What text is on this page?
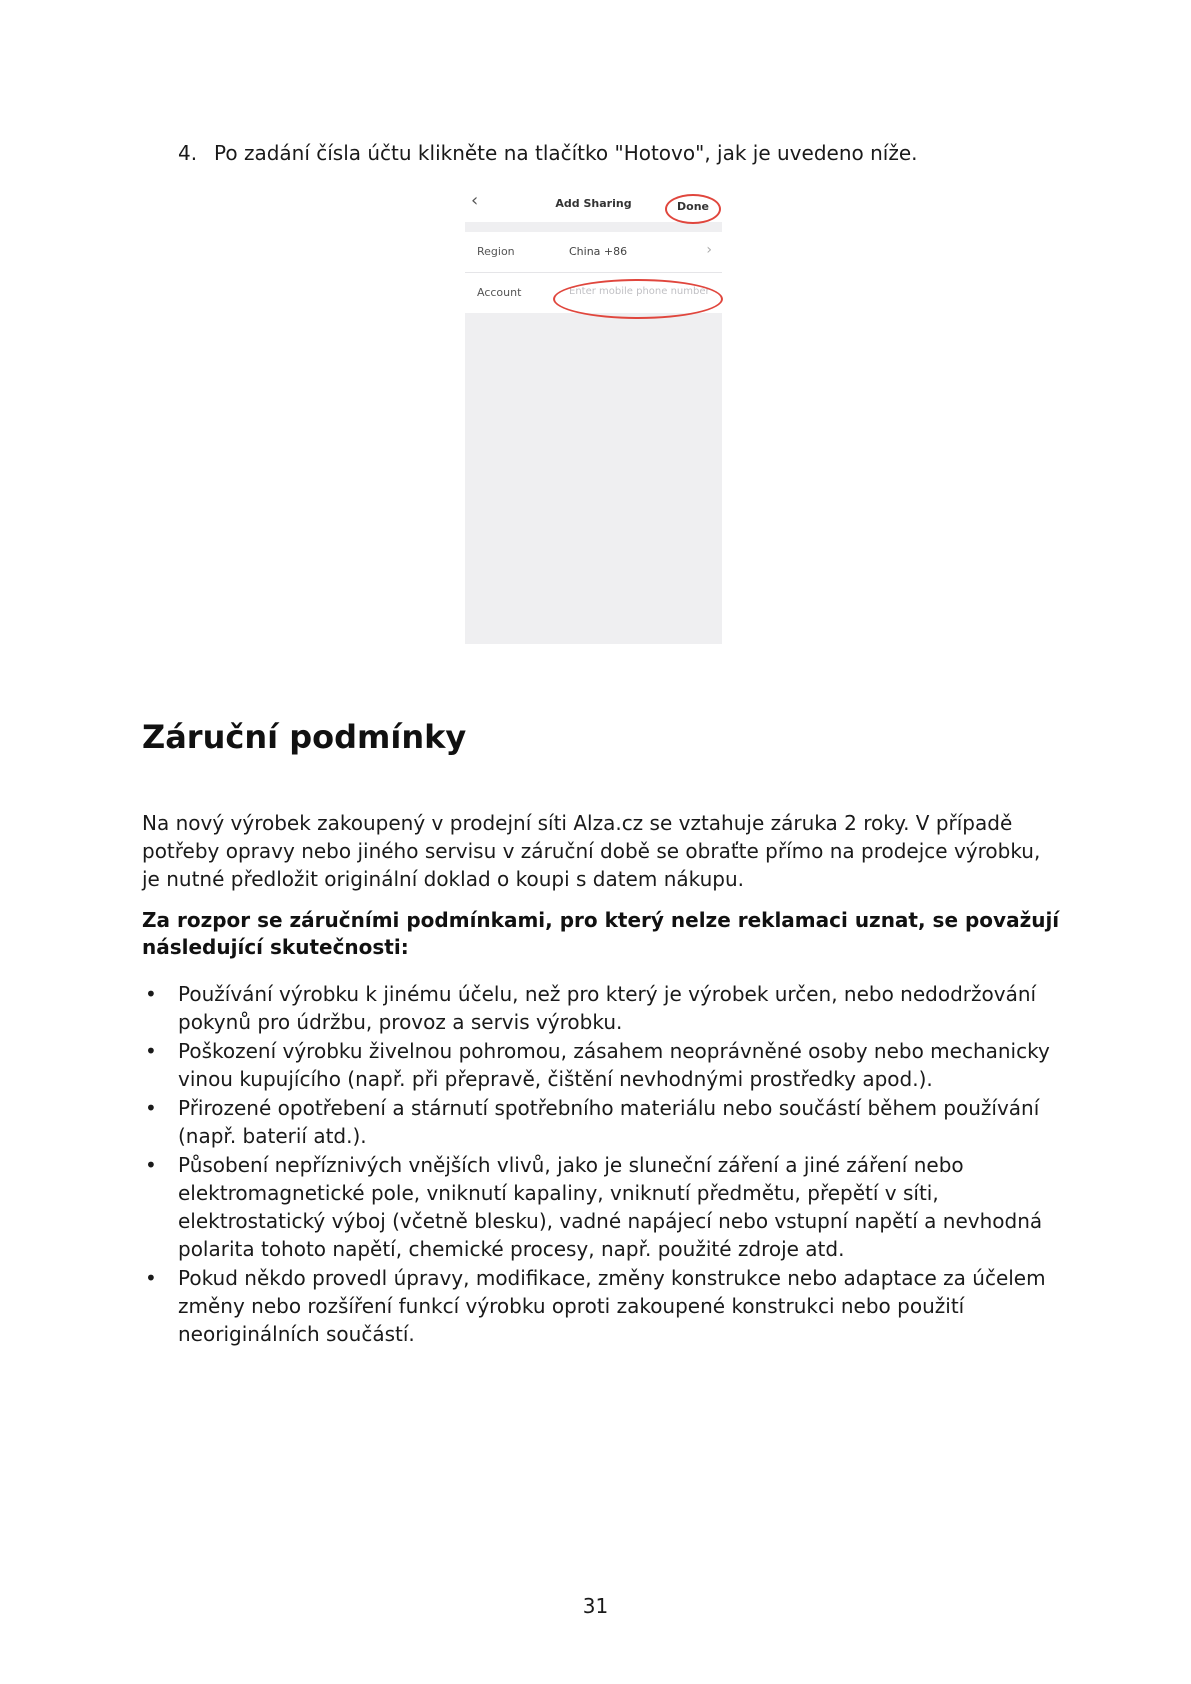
4. Po zadání čísla účtu klikněte na tlačítko "Hotovo", jak je uvedeno níže.
‹	Add Sharing	Done
Region	China +86	›
Account	Enter mobile phone number
Záruční podmínky

Na nový výrobek zakoupený v prodejní síti Alza.cz se vztahuje záruka 2 roky. V případě potřeby opravy nebo jiného servisu v záruční době se obraťte přímo na prodejce výrobku, je nutné předložit originální doklad o koupi s datem nákupu.

Za rozpor se záručními podmínkami, pro který nelze reklamaci uznat, se považují následující skutečnosti:

• Používání výrobku k jinému účelu, než pro který je výrobek určen, nebo nedodržování pokynů pro údržbu, provoz a servis výrobku.
• Poškození výrobku živelnou pohromou, zásahem neoprávněné osoby nebo mechanicky vinou kupujícího (např. při přepravě, čištění nevhodnými prostředky apod.).
• Přirozené opotřebení a stárnutí spotřebního materiálu nebo součástí během používání (např. baterií atd.).
• Působení nepříznivých vnějších vlivů, jako je sluneční záření a jiné záření nebo elektromagnetické pole, vniknutí kapaliny, vniknutí předmětu, přepětí v síti, elektrostatický výboj (včetně blesku), vadné napájecí nebo vstupní napětí a nevhodná polarita tohoto napětí, chemické procesy, např. použité zdroje atd.
• Pokud někdo provedl úpravy, modifikace, změny konstrukce nebo adaptace za účelem změny nebo rozšíření funkcí výrobku oproti zakoupené konstrukci nebo použití neoriginálních součástí.
31
